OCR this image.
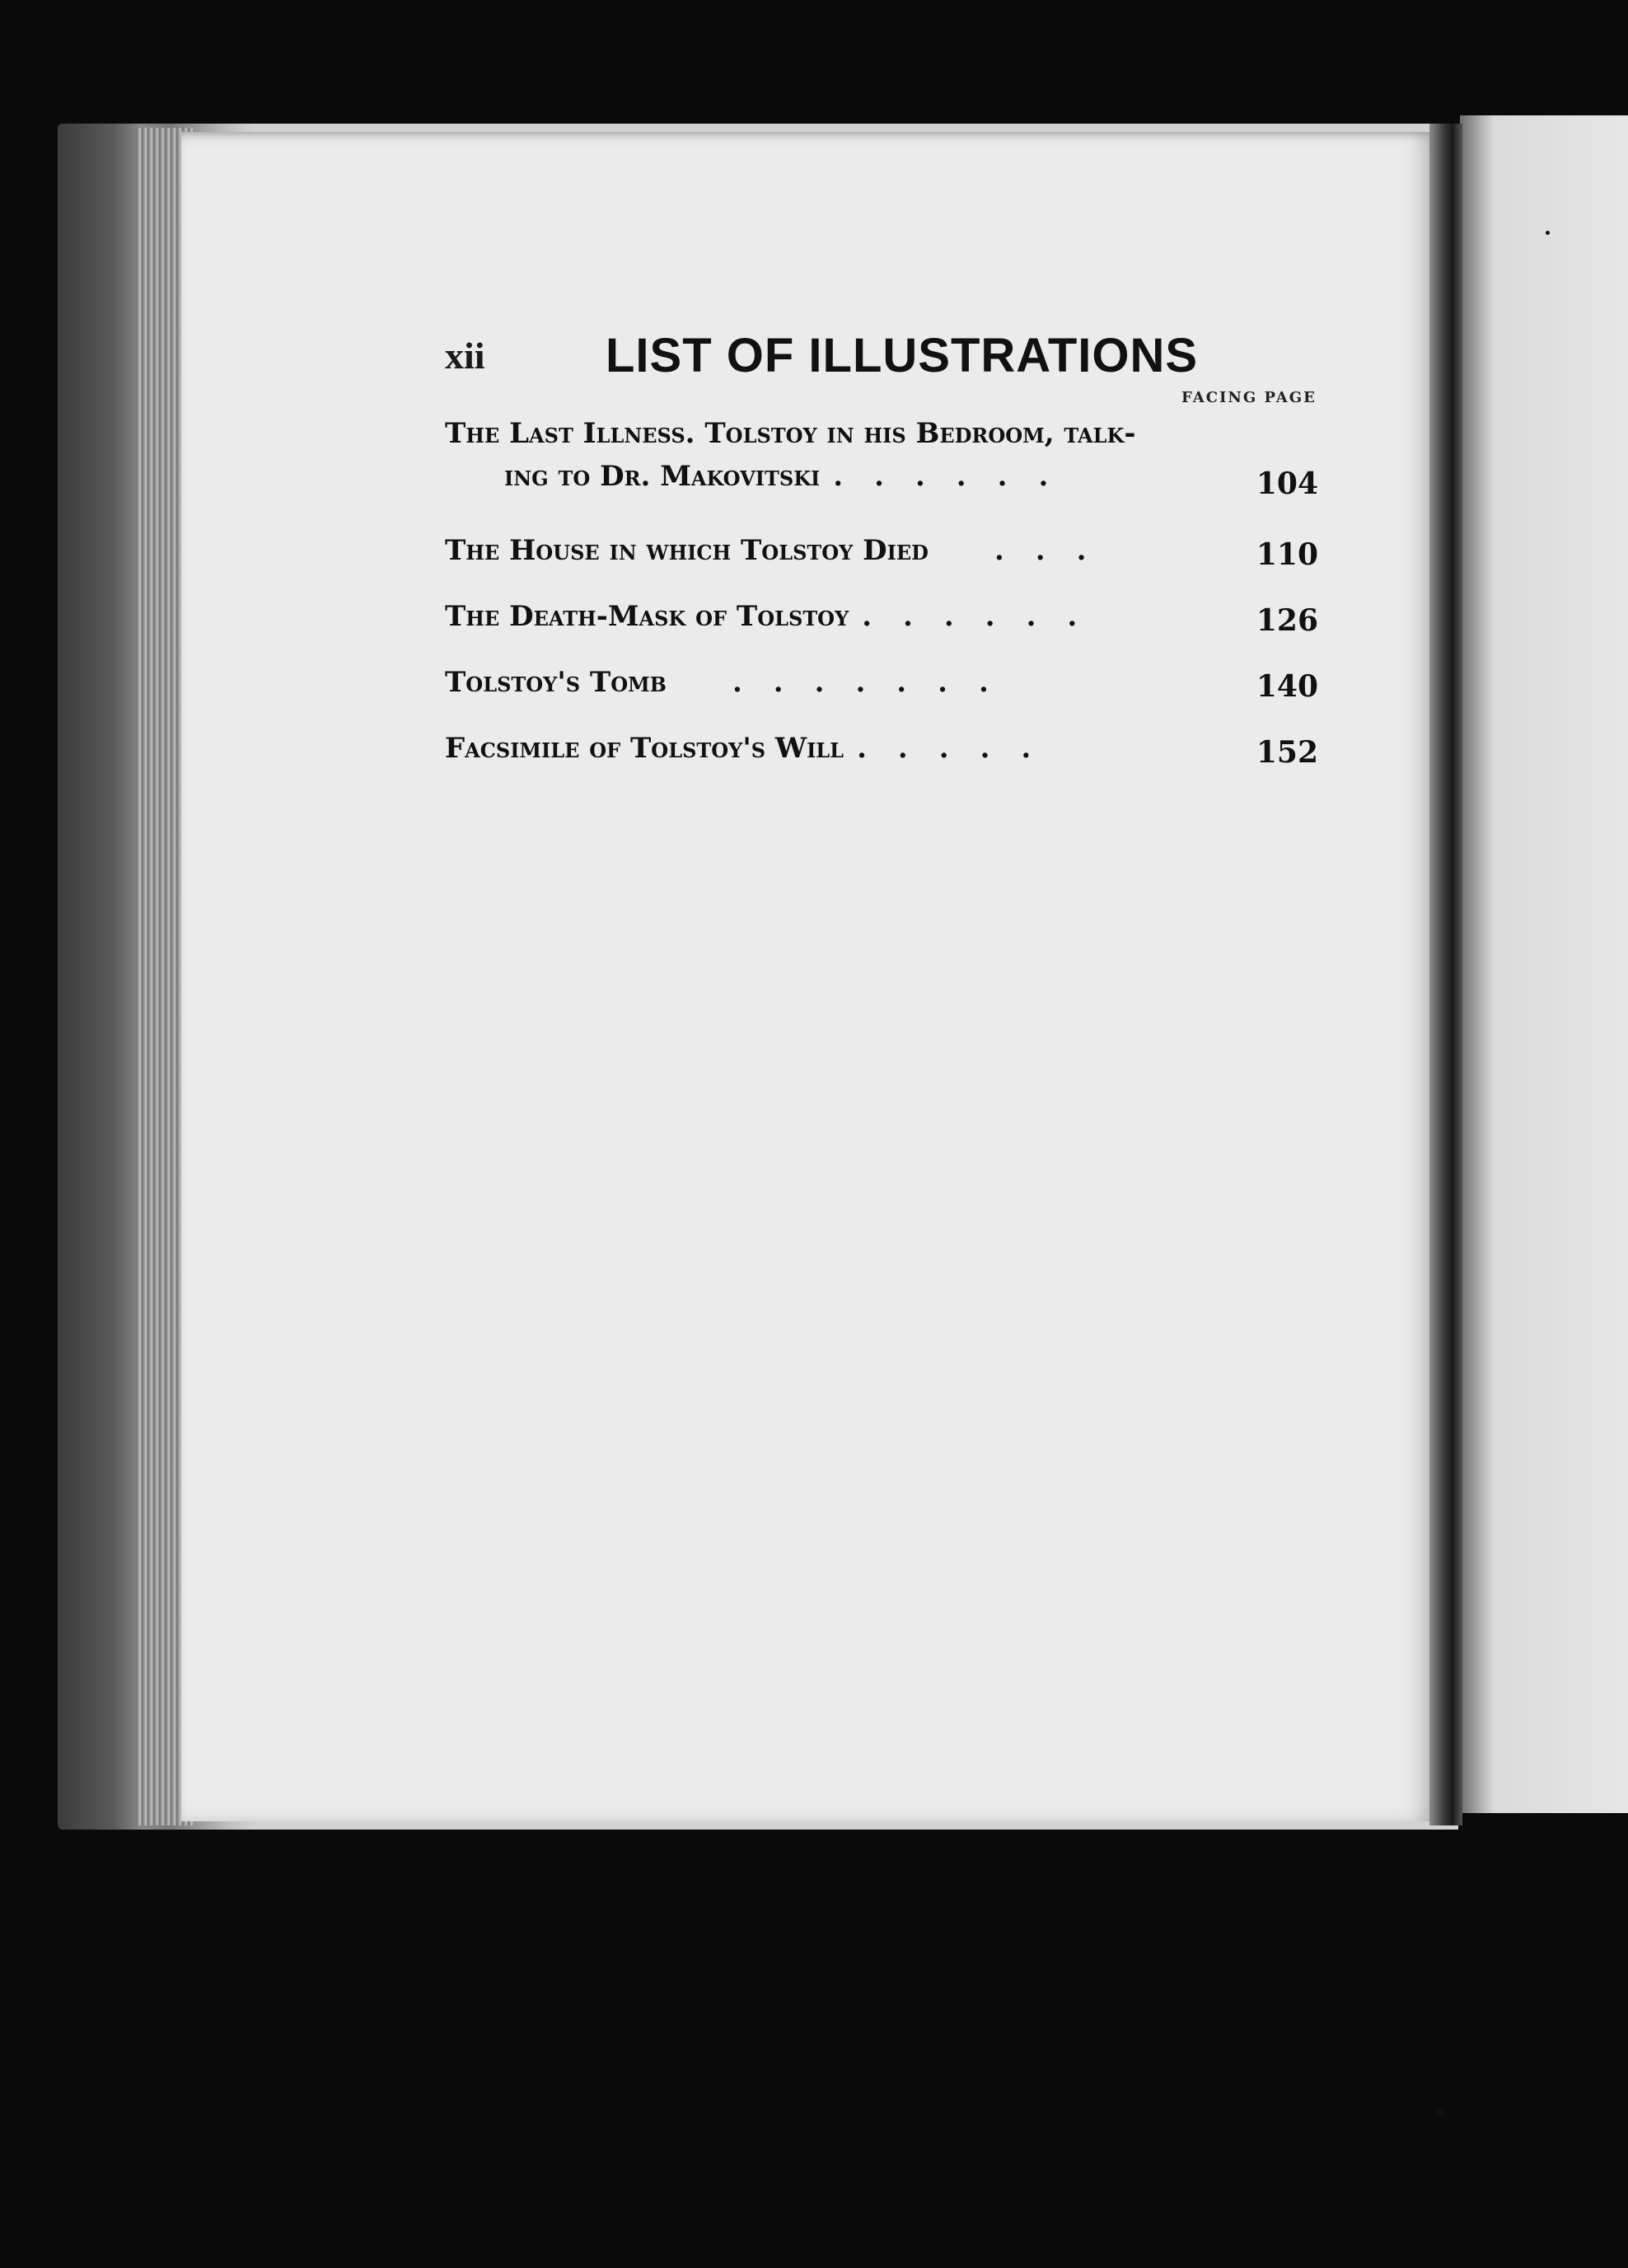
xii	LIST OF ILLUSTRATIONS
FACING PAGE
The Last Illness. Tolstoy in his Bedroom, talk-
ing to Dr. Makovitski ......	104
The House in which Tolstoy Died ...	110
The Death-Mask of Tolstoy ......	126
Tolstoy's Tomb .......	140
Facsimile of Tolstoy's Will .....	152
